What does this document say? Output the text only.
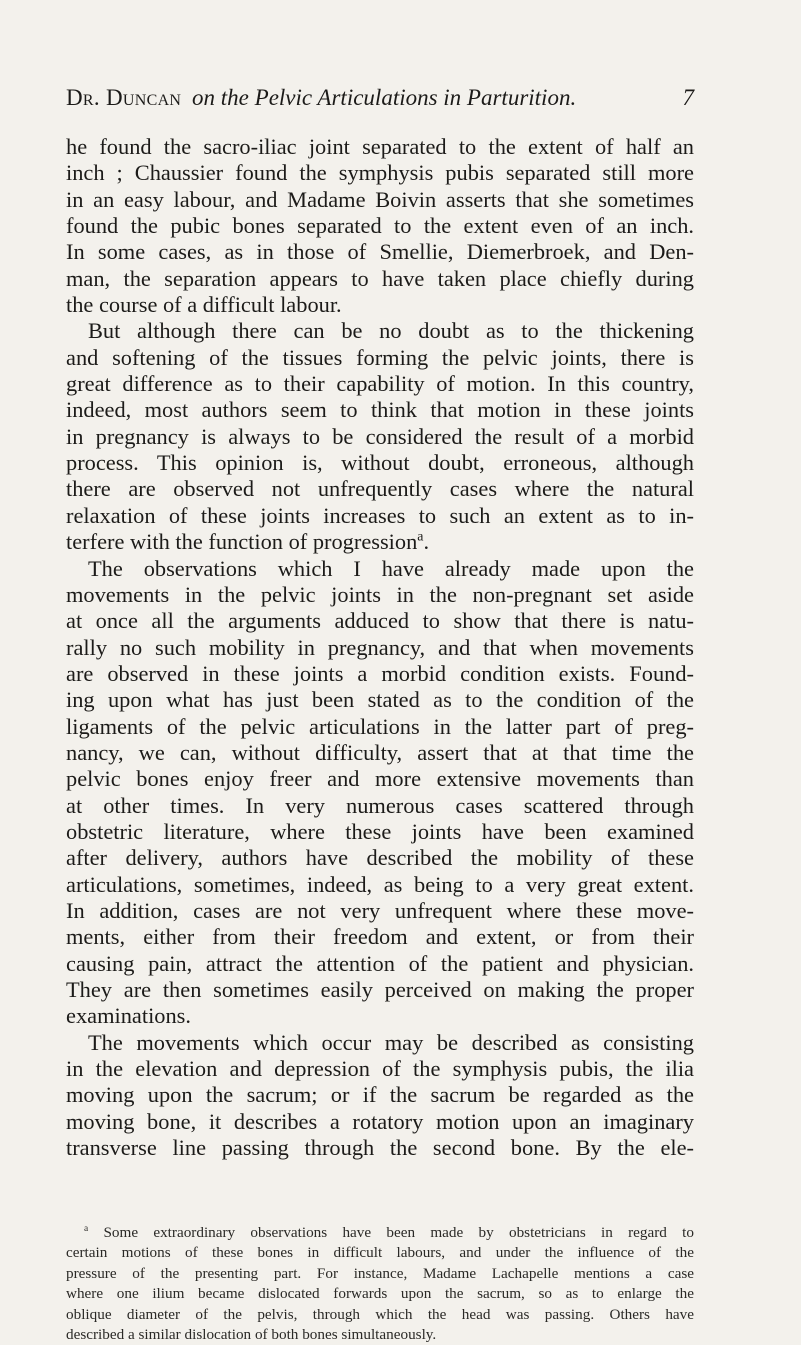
Dr. Duncan on the Pelvic Articulations in Parturition.	7
he found the sacro-iliac joint separated to the extent of half an
inch ; Chaussier found the symphysis pubis separated still more
in an easy labour, and Madame Boivin asserts that she sometimes
found the pubic bones separated to the extent even of an inch.
In some cases, as in those of Smellie, Diemerbroek, and Den-
man, the separation appears to have taken place chiefly during
the course of a difficult labour.
But although there can be no doubt as to the thickening
and softening of the tissues forming the pelvic joints, there is
great difference as to their capability of motion. In this country,
indeed, most authors seem to think that motion in these joints
in pregnancy is always to be considered the result of a morbid
process. This opinion is, without doubt, erroneous, although
there are observed not unfrequently cases where the natural
relaxation of these joints increases to such an extent as to in-
terfere with the function of progression$^a$.
The observations which I have already made upon the
movements in the pelvic joints in the non-pregnant set aside
at once all the arguments adduced to show that there is natu-
rally no such mobility in pregnancy, and that when movements
are observed in these joints a morbid condition exists. Found-
ing upon what has just been stated as to the condition of the
ligaments of the pelvic articulations in the latter part of preg-
nancy, we can, without difficulty, assert that at that time the
pelvic bones enjoy freer and more extensive movements than
at other times. In very numerous cases scattered through
obstetric literature, where these joints have been examined
after delivery, authors have described the mobility of these
articulations, sometimes, indeed, as being to a very great extent.
In addition, cases are not very unfrequent where these move-
ments, either from their freedom and extent, or from their
causing pain, attract the attention of the patient and physician.
They are then sometimes easily perceived on making the proper
examinations.
The movements which occur may be described as consisting
in the elevation and depression of the symphysis pubis, the ilia
moving upon the sacrum; or if the sacrum be regarded as the
moving bone, it describes a rotatory motion upon an imaginary
transverse line passing through the second bone. By the ele-
$^a$ Some extraordinary observations have been made by obstetricians in regard to
certain motions of these bones in difficult labours, and under the influence of the
pressure of the presenting part. For instance, Madame Lachapelle mentions a case
where one ilium became dislocated forwards upon the sacrum, so as to enlarge the
oblique diameter of the pelvis, through which the head was passing. Others have
described a similar dislocation of both bones simultaneously.
